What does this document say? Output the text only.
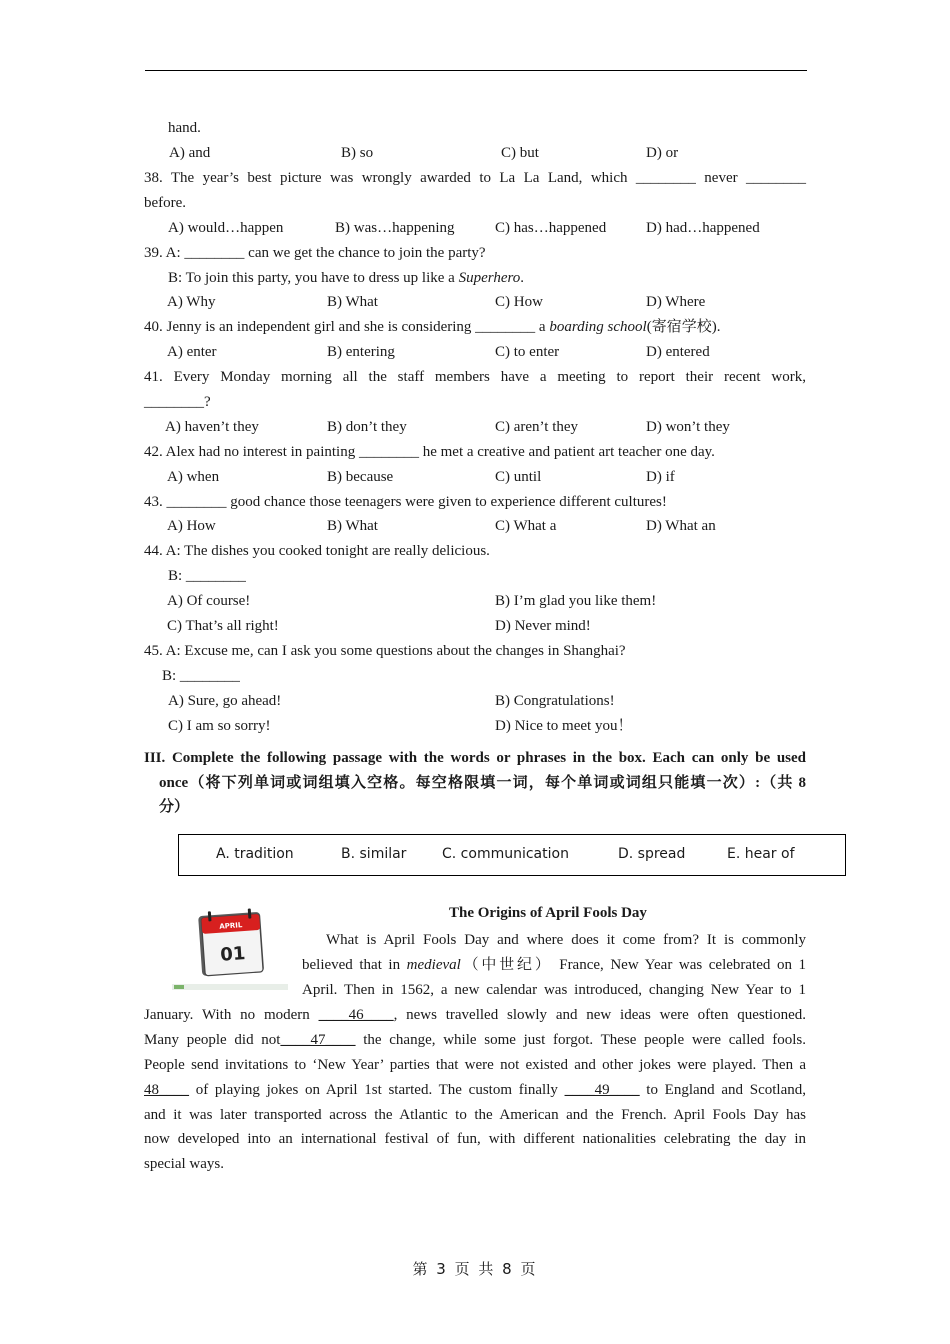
hand.
A) and	B) so	C) but	D) or
38. The year’s best picture was wrongly awarded to La La Land, which ________ never ________
before.
A) would…happen	B) was…happening	C) has…happened	D) had…happened
39. A: ________ can we get the chance to join the party?
B: To join this party, you have to dress up like a Superhero.
A) Why	B) What	C) How	D) Where
40. Jenny is an independent girl and she is considering ________ a boarding school(寄宿学校).
A) enter	B) entering	C) to enter	D) entered
41. Every Monday morning all the staff members have a meeting to report their recent work,
________?
A) haven’t they	B) don’t they	C) aren’t they	D) won’t they
42. Alex had no interest in painting ________ he met a creative and patient art teacher one day.
A) when	B) because	C) until	D) if
43. ________ good chance those teenagers were given to experience different cultures!
A) How	B) What	C) What a	D) What an
44. A: The dishes you cooked tonight are really delicious.
B: ________
A) Of course!	B) I’m glad you like them!
C) That’s all right!	D) Never mind!
45. A: Excuse me, can I ask you some questions about the changes in Shanghai?
B: ________
A) Sure, go ahead!	B) Congratulations!
C) I am so sorry!	D) Nice to meet you！
III. Complete the following passage with the words or phrases in the box. Each can only be used
once（将下列单词或词组填入空格。每空格限填一词，每个单词或词组只能填一次）:（共 8
分）
A. tradition	B. similar	C. communication	D. spread	E. hear of
APRIL
01
The Origins of April Fools Day
What is April Fools Day and where does it come from? It is commonly
believed that in medieval（中世纪） France, New Year was celebrated on 1
April. Then in 1562, a new calendar was introduced, changing New Year to 1
January. With no modern ____46____, news travelled slowly and new ideas were often questioned.
Many people did not____47____ the change, while some just forgot. These people were called fools.
People send invitations to ‘New Year’ parties that were not existed and other jokes were played. Then a
48____ of playing jokes on April 1st started. The custom finally ____49____ to England and Scotland,
and it was later transported across the Atlantic to the American and the French. April Fools Day has
now developed into an international festival of fun, with different nationalities celebrating the day in
special ways.
第 3 页 共 8 页
